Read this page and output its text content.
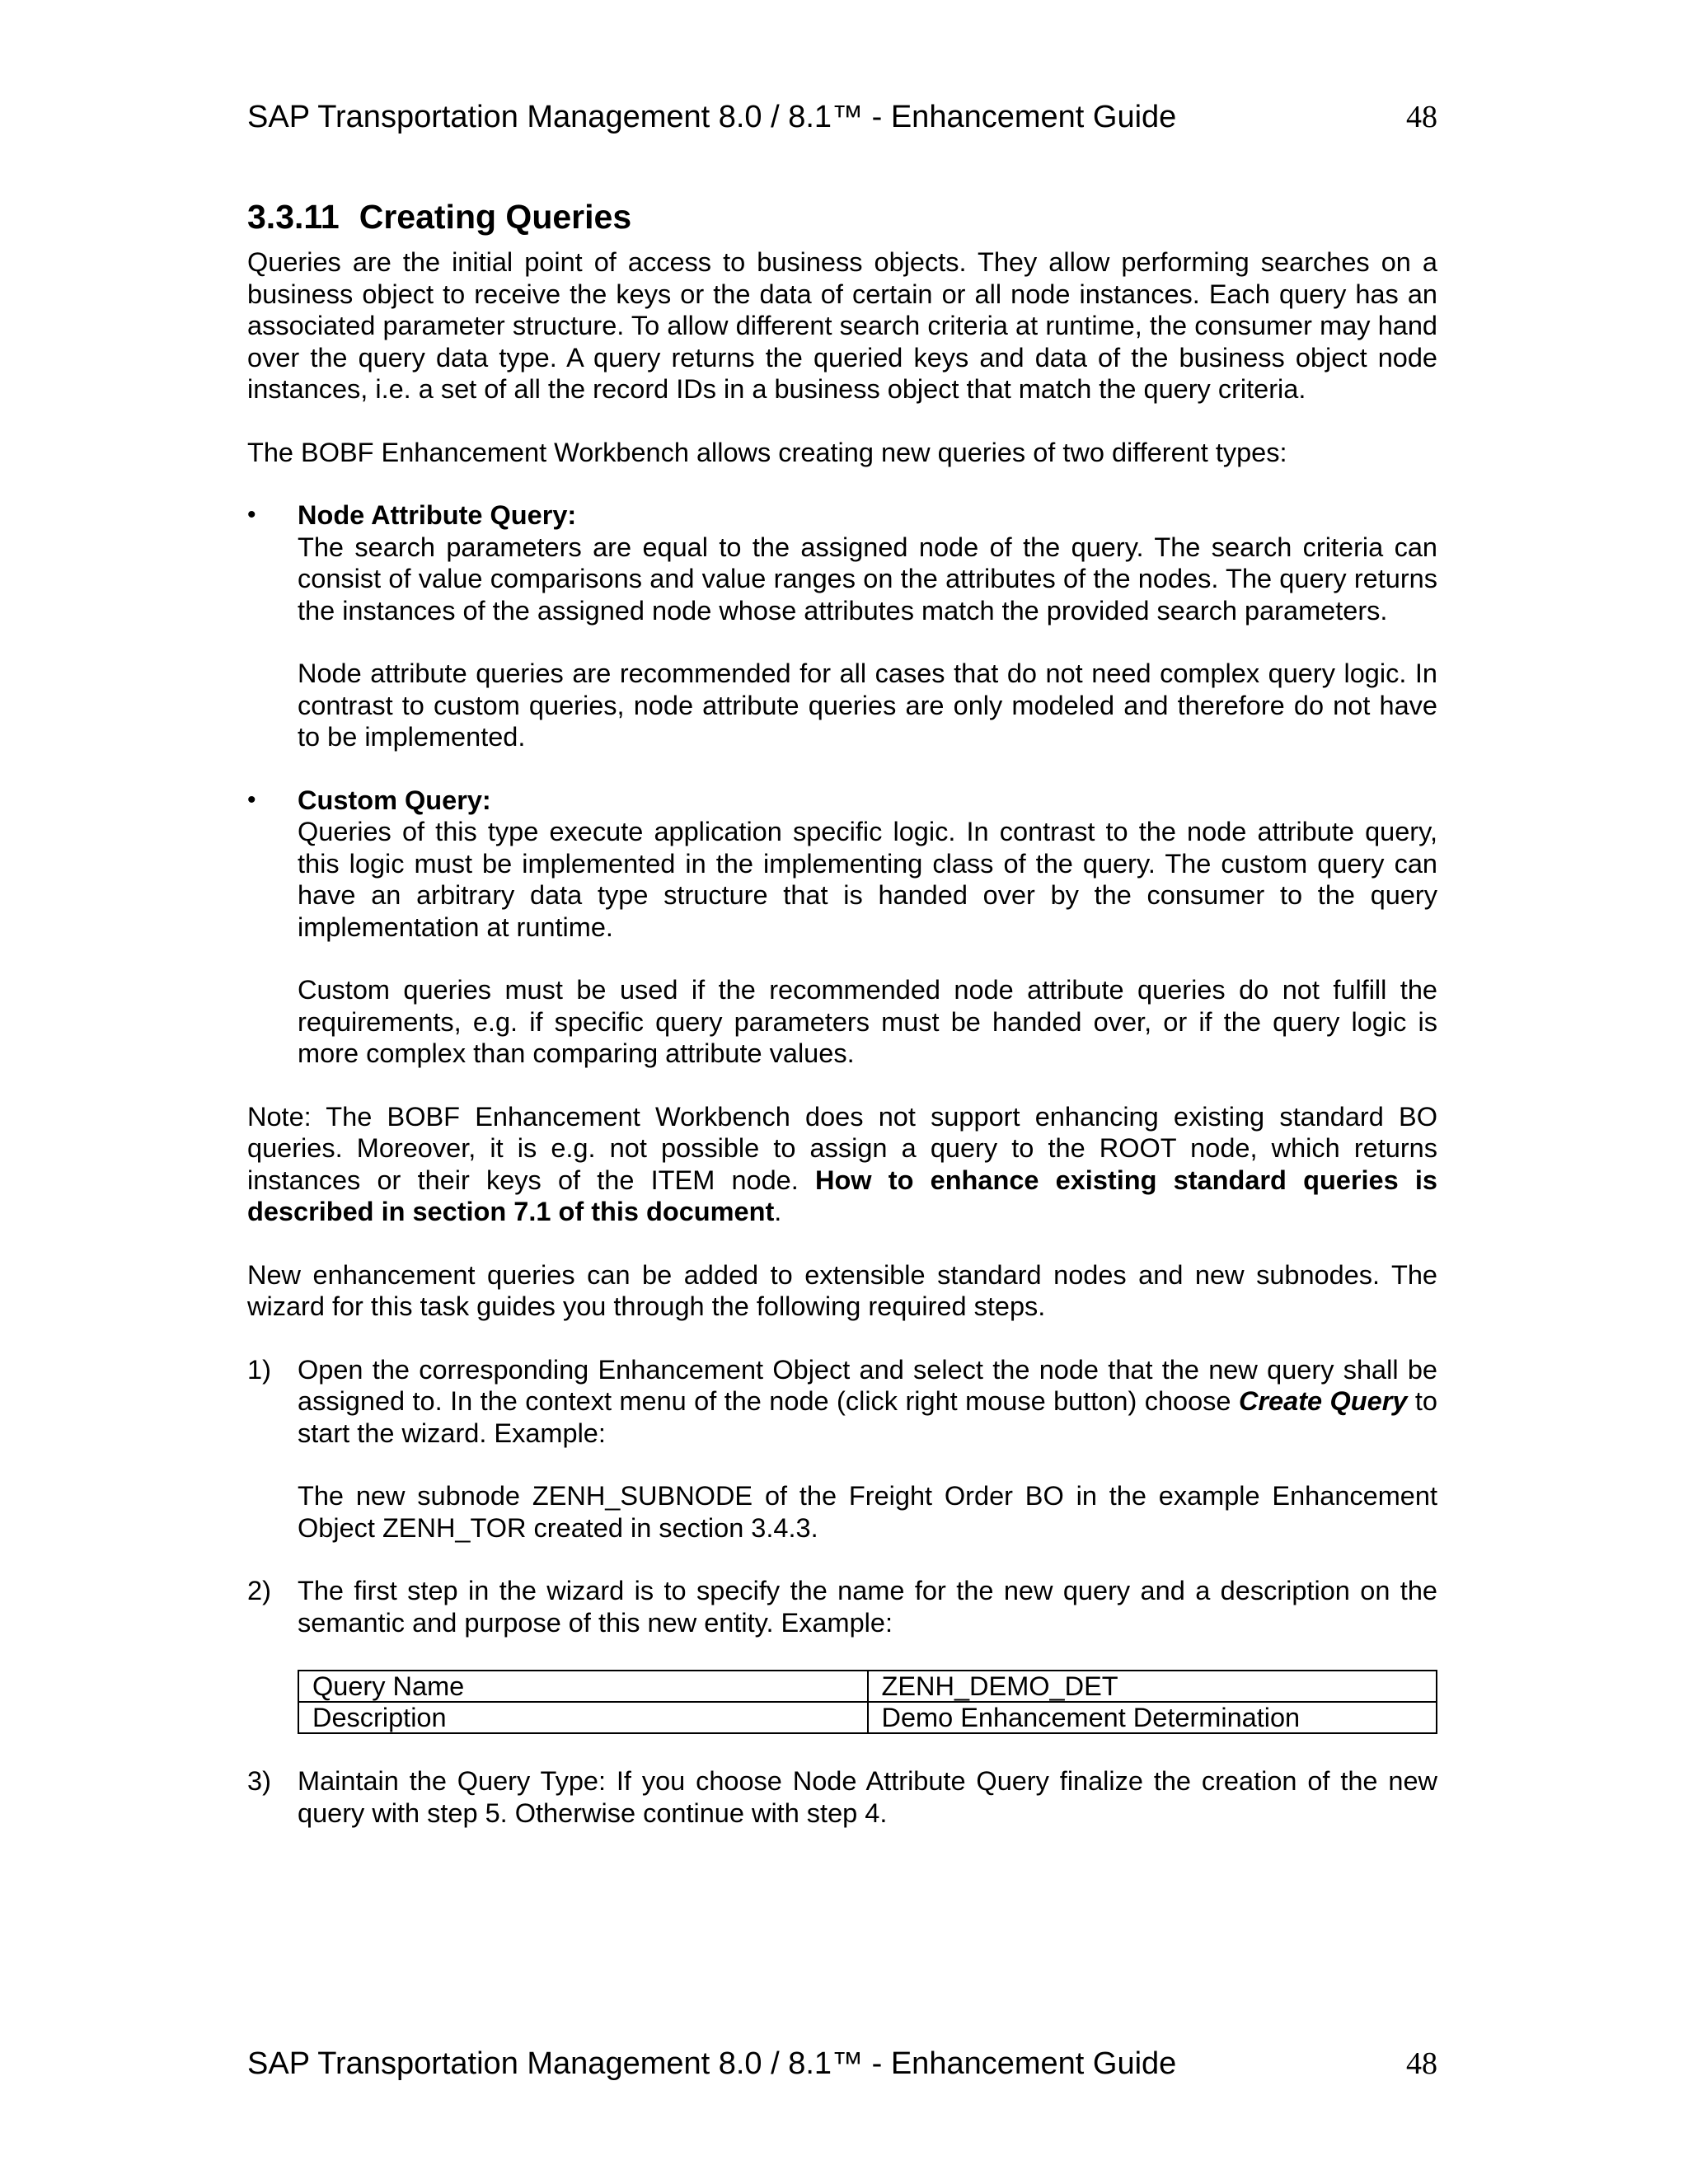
SAP Transportation Management 8.0 / 8.1™ - Enhancement Guide	48
3.3.11 Creating Queries

Queries are the initial point of access to business objects. They allow performing searches on a business object to receive the keys or the data of certain or all node instances. Each query has an associated parameter structure. To allow different search criteria at runtime, the consumer may hand over the query data type. A query returns the queried keys and data of the business object node instances, i.e. a set of all the record IDs in a business object that match the query criteria.

The BOBF Enhancement Workbench allows creating new queries of two different types:

•	Node Attribute Query:

The search parameters are equal to the assigned node of the query. The search criteria can consist of value comparisons and value ranges on the attributes of the nodes. The query returns the instances of the assigned node whose attributes match the provided search parameters.

Node attribute queries are recommended for all cases that do not need complex query logic. In contrast to custom queries, node attribute queries are only modeled and therefore do not have to be implemented.

•	Custom Query:

Queries of this type execute application specific logic. In contrast to the node attribute query, this logic must be implemented in the implementing class of the query. The custom query can have an arbitrary data type structure that is handed over by the consumer to the query implementation at runtime.

Custom queries must be used if the recommended node attribute queries do not fulfill the requirements, e.g. if specific query parameters must be handed over, or if the query logic is more complex than comparing attribute values.

Note: The BOBF Enhancement Workbench does not support enhancing existing standard BO queries. Moreover, it is e.g. not possible to assign a query to the ROOT node, which returns instances or their keys of the ITEM node. How to enhance existing standard queries is described in section 7.1 of this document.

New enhancement queries can be added to extensible standard nodes and new subnodes. The wizard for this task guides you through the following required steps.

1) Open the corresponding Enhancement Object and select the node that the new query shall be assigned to. In the context menu of the node (click right mouse button) choose Create Query to start the wizard. Example:

The new subnode ZENH_SUBNODE of the Freight Order BO in the example Enhancement Object ZENH_TOR created in section 3.4.3.

2) The first step in the wizard is to specify the name for the new query and a description on the semantic and purpose of this new entity. Example:

Query Name	ZENH_DEMO_DET
Description	Demo Enhancement Determination
3) Maintain the Query Type: If you choose Node Attribute Query finalize the creation of the new query with step 5. Otherwise continue with step 4.

SAP Transportation Management 8.0 / 8.1™ - Enhancement Guide	48
